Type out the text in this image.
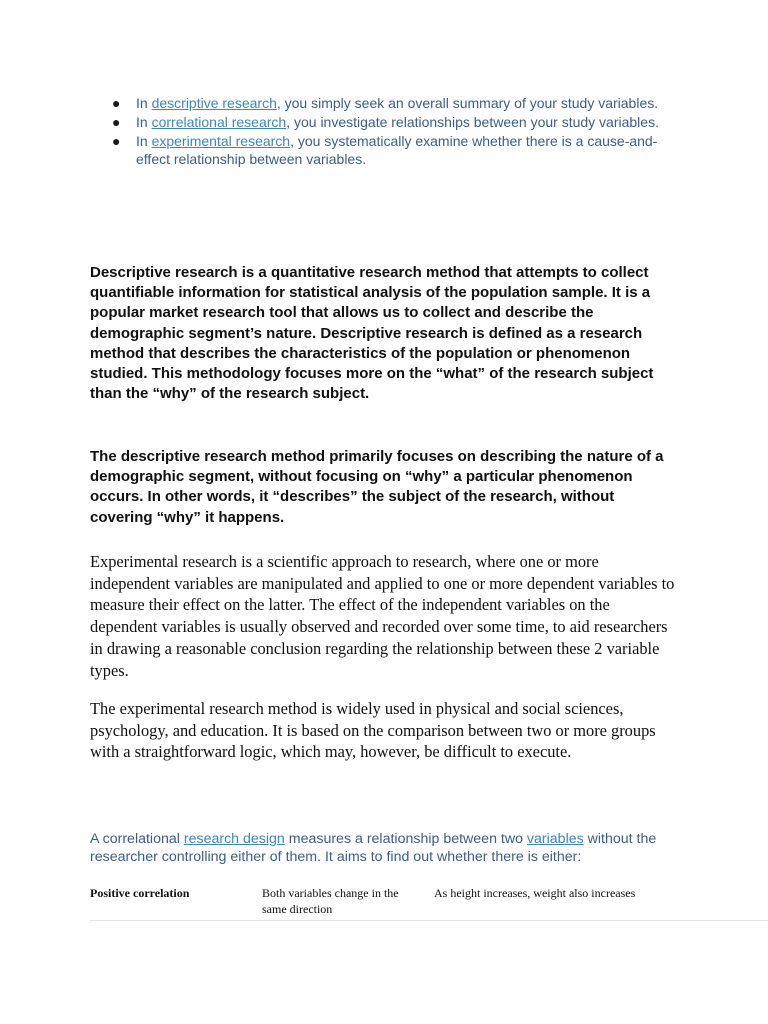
● In descriptive research, you simply seek an overall summary of your study variables.
● In correlational research, you investigate relationships between your study variables.
● In experimental research, you systematically examine whether there is a cause-and-effect relationship between variables.

Descriptive research is a quantitative research method that attempts to collect quantifiable information for statistical analysis of the population sample. It is a popular market research tool that allows us to collect and describe the demographic segment’s nature. Descriptive research is defined as a research method that describes the characteristics of the population or phenomenon studied. This methodology focuses more on the “what” of the research subject than the “why” of the research subject.

The descriptive research method primarily focuses on describing the nature of a demographic segment, without focusing on “why” a particular phenomenon occurs. In other words, it “describes” the subject of the research, without covering “why” it happens.

Experimental research is a scientific approach to research, where one or more independent variables are manipulated and applied to one or more dependent variables to measure their effect on the latter. The effect of the independent variables on the dependent variables is usually observed and recorded over some time, to aid researchers in drawing a reasonable conclusion regarding the relationship between these 2 variable types.

The experimental research method is widely used in physical and social sciences, psychology, and education. It is based on the comparison between two or more groups with a straightforward logic, which may, however, be difficult to execute.

A correlational research design measures a relationship between two variables without the researcher controlling either of them. It aims to find out whether there is either:

Positive correlation	Both variables change in the same direction
As height increases, weight also increases
